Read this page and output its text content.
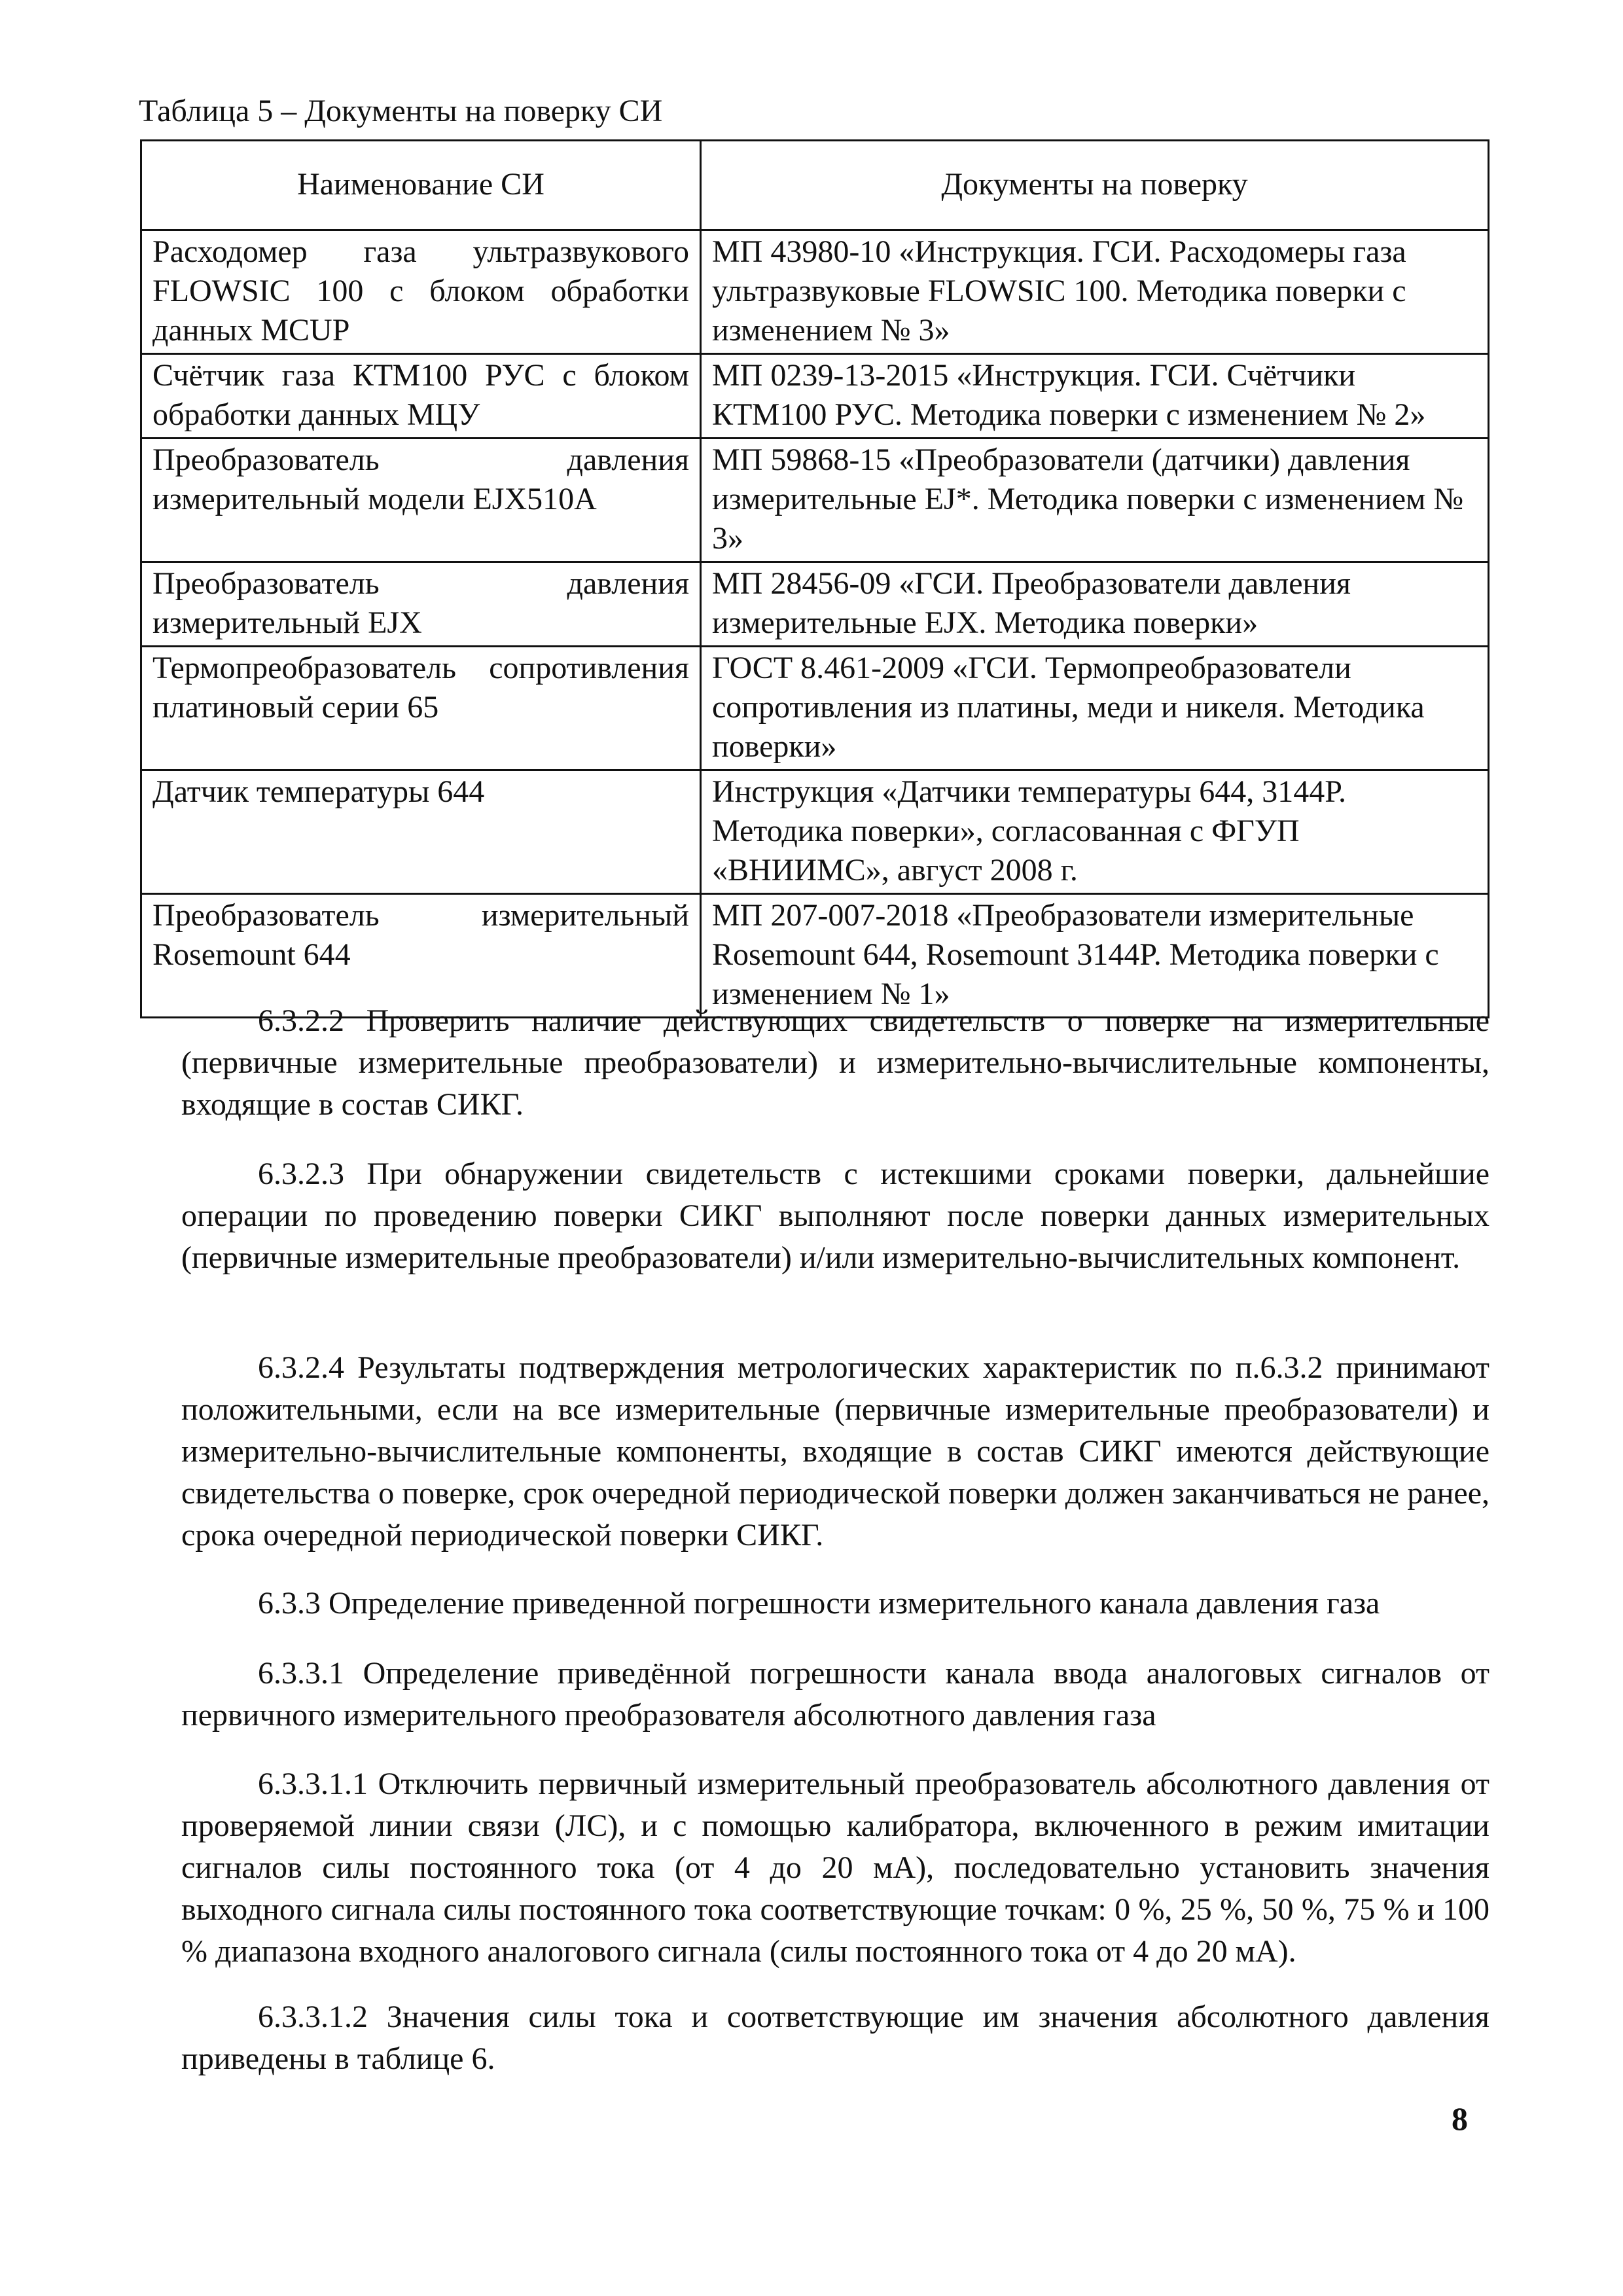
Таблица 5 – Документы на поверку СИ
Наименование СИ	Документы на поверку
Расходомер газа ультразвукового FLOWSIC 100 с блоком обработки данных MCUP	МП 43980-10 «Инструкция. ГСИ. Расходомеры газа ультразвуковые FLOWSIC 100. Методика поверки с изменением № 3»
Счётчик газа КТМ100 РУС с блоком обработки данных МЦУ	МП 0239-13-2015 «Инструкция. ГСИ. Счётчики КТМ100 РУС. Методика поверки с изменением № 2»
Преобразователь давления измерительный модели EJX510A	МП 59868-15 «Преобразователи (датчики) давления измерительные EJ*. Методика поверки с изменением № 3»
Преобразователь давления измерительный EJX	МП 28456-09 «ГСИ. Преобразователи давления измерительные EJX. Методика поверки»
Термопреобразователь сопротивления платиновый серии 65	ГОСТ 8.461-2009 «ГСИ. Термопреобразователи сопротивления из платины, меди и никеля. Методика поверки»
Датчик температуры 644	Инструкция «Датчики температуры 644, 3144Р. Методика поверки», согласованная с ФГУП «ВНИИМС», август 2008 г.
Преобразователь измерительный Rosemount 644	МП 207-007-2018 «Преобразователи измерительные Rosemount 644, Rosemount 3144P. Методика поверки с изменением № 1»

6.3.2.2 Проверить наличие действующих свидетельств о поверке на измерительные (первичные измерительные преобразователи) и измерительно-вычислительные компоненты, входящие в состав СИКГ.

6.3.2.3 При обнаружении свидетельств с истекшими сроками поверки, дальнейшие операции по проведению поверки СИКГ выполняют после поверки данных измерительных (первичные измерительные преобразователи) и/или измерительно-вычислительных компонент.

6.3.2.4 Результаты подтверждения метрологических характеристик по п.6.3.2 принимают положительными, если на все измерительные (первичные измерительные преобразователи) и измерительно-вычислительные компоненты, входящие в состав СИКГ имеются действующие свидетельства о поверке, срок очередной периодической поверки должен заканчиваться не ранее, срока очередной периодической поверки СИКГ.

6.3.3 Определение приведенной погрешности измерительного канала давления газа

6.3.3.1 Определение приведённой погрешности канала ввода аналоговых сигналов от первичного измерительного преобразователя абсолютного давления газа

6.3.3.1.1 Отключить первичный измерительный преобразователь абсолютного давления от проверяемой линии связи (ЛС), и с помощью калибратора, включенного в режим имитации сигналов силы постоянного тока (от 4 до 20 мА), последовательно установить значения выходного сигнала силы постоянного тока соответствующие точкам: 0 %, 25 %, 50 %, 75 % и 100 % диапазона входного аналогового сигнала (силы постоянного тока от 4 до 20 мА).

6.3.3.1.2 Значения силы тока и соответствующие им значения абсолютного давления приведены в таблице 6.

8
